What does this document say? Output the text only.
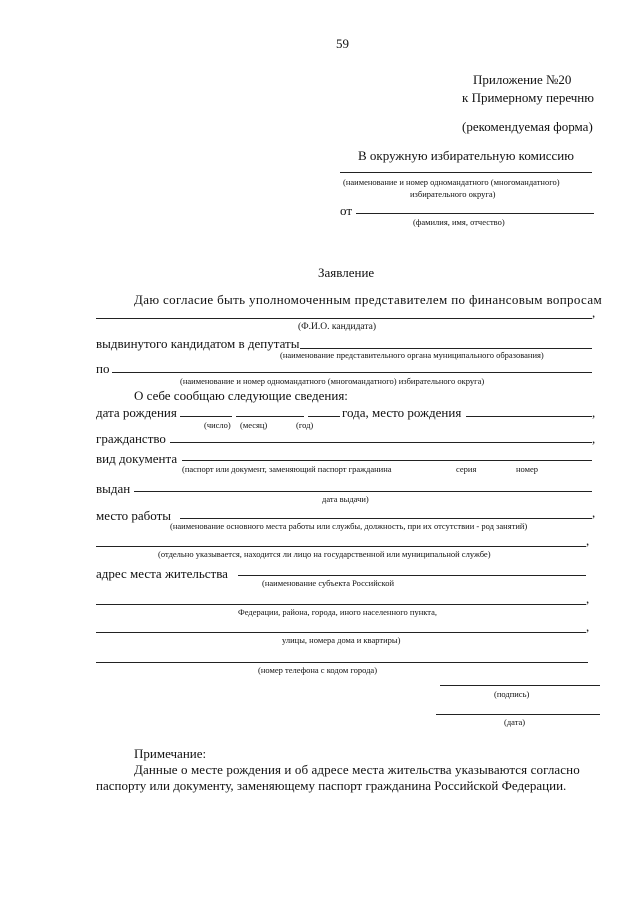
59
Приложение №20
к Примерному перечню
(рекомендуемая форма)
В окружную избирательную комиссию
(наименование и номер одномандатного (многомандатного)
избирательного округа)
от
(фамилия, имя, отчество)
Заявление
Даю согласие быть уполномоченным представителем по финансовым вопросам
,
(Ф.И.О. кандидата)
выдвинутого кандидатом в депутаты
(наименование представительного органа муниципального образования)
по
(наименование и номер одномандатного (многомандатного) избирательного округа)
О себе сообщаю следующие сведения:
дата рождения	года, место рождения	,
(число) (месяц)	(год)
гражданство	,
вид документа
(паспорт или документ, заменяющий паспорт гражданина	серия	номер
выдан
дата выдачи)
место работы	,
(наименование основного места работы или службы, должность, при их отсутствии - род занятий)
,
(отдельно указывается, находится ли лицо на государственной или муниципальной службе)
адрес места жительства
(наименование субъекта Российской
,
Федерации, района, города, иного населенного пункта,
,
улицы, номера дома и квартиры)
(номер телефона с кодом города)
(подпись)
(дата)
Примечание:
Данные о месте рождения и об адресе места жительства указываются согласно
паспорту или документу, заменяющему паспорт гражданина Российской Федерации.
